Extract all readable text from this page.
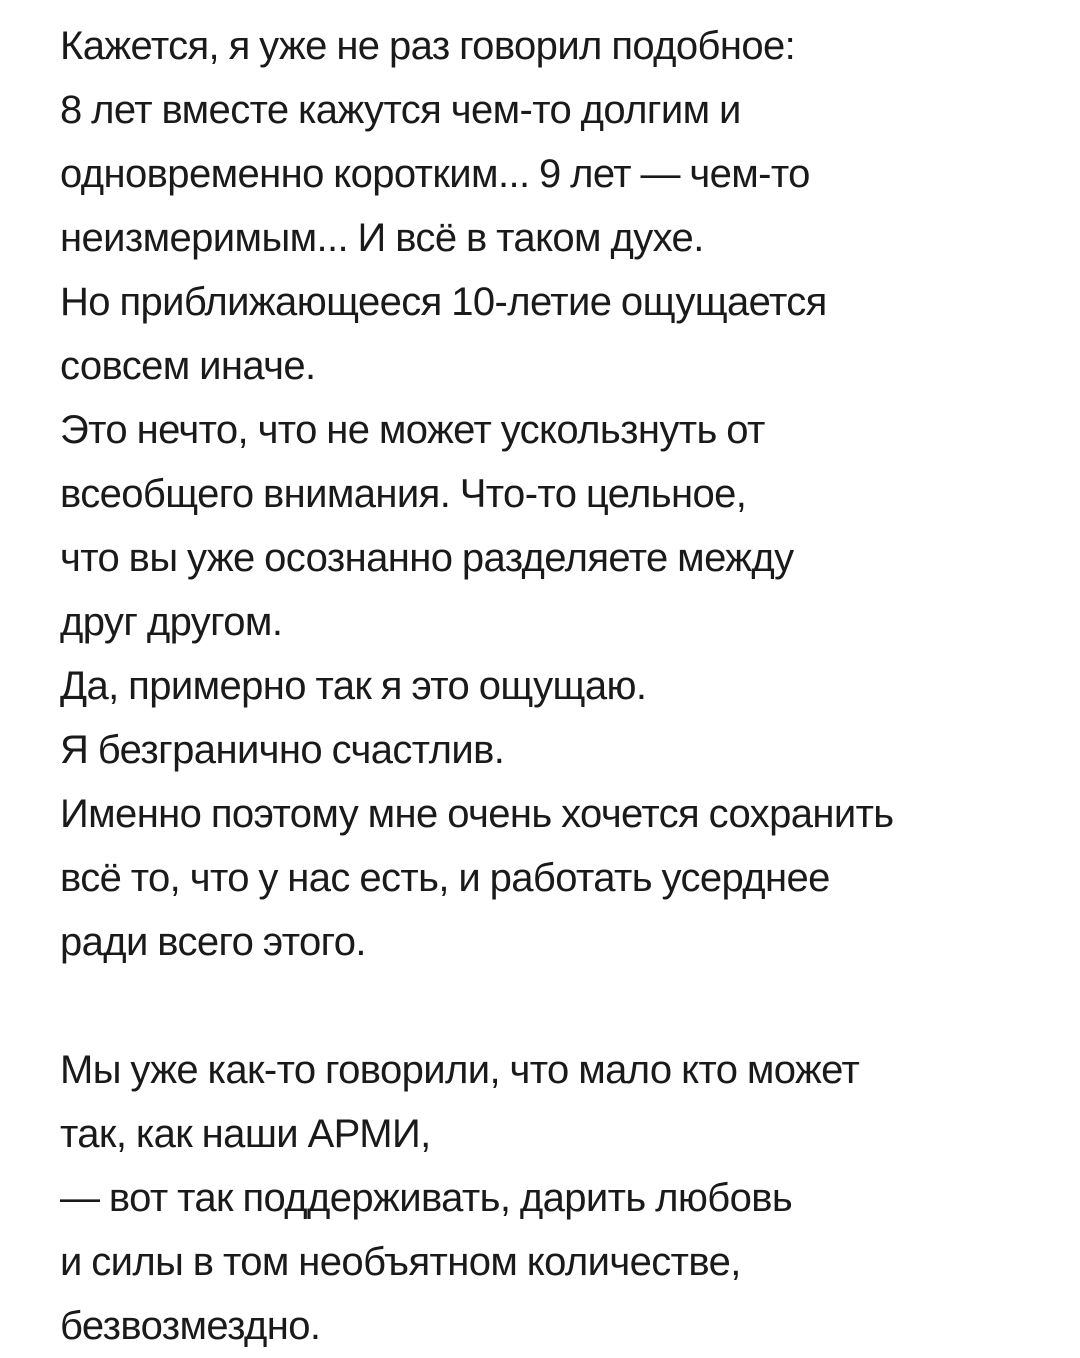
Кажется, я уже не раз говорил подобное:
8 лет вместе кажутся чем-то долгим и
одновременно коротким... 9 лет — чем-то
неизмеримым... И всё в таком духе.
Но приближающееся 10-летие ощущается
совсем иначе.
Это нечто, что не может ускользнуть от
всеобщего внимания. Что-то цельное,
что вы уже осознанно разделяете между
друг другом.
Да, примерно так я это ощущаю.
Я безгранично счастлив.
Именно поэтому мне очень хочется сохранить
всё то, что у нас есть, и работать усерднее
ради всего этого.
Мы уже как-то говорили, что мало кто может
так, как наши АРМИ,
— вот так поддерживать, дарить любовь
и силы в том необъятном количестве,
безвозмездно.
